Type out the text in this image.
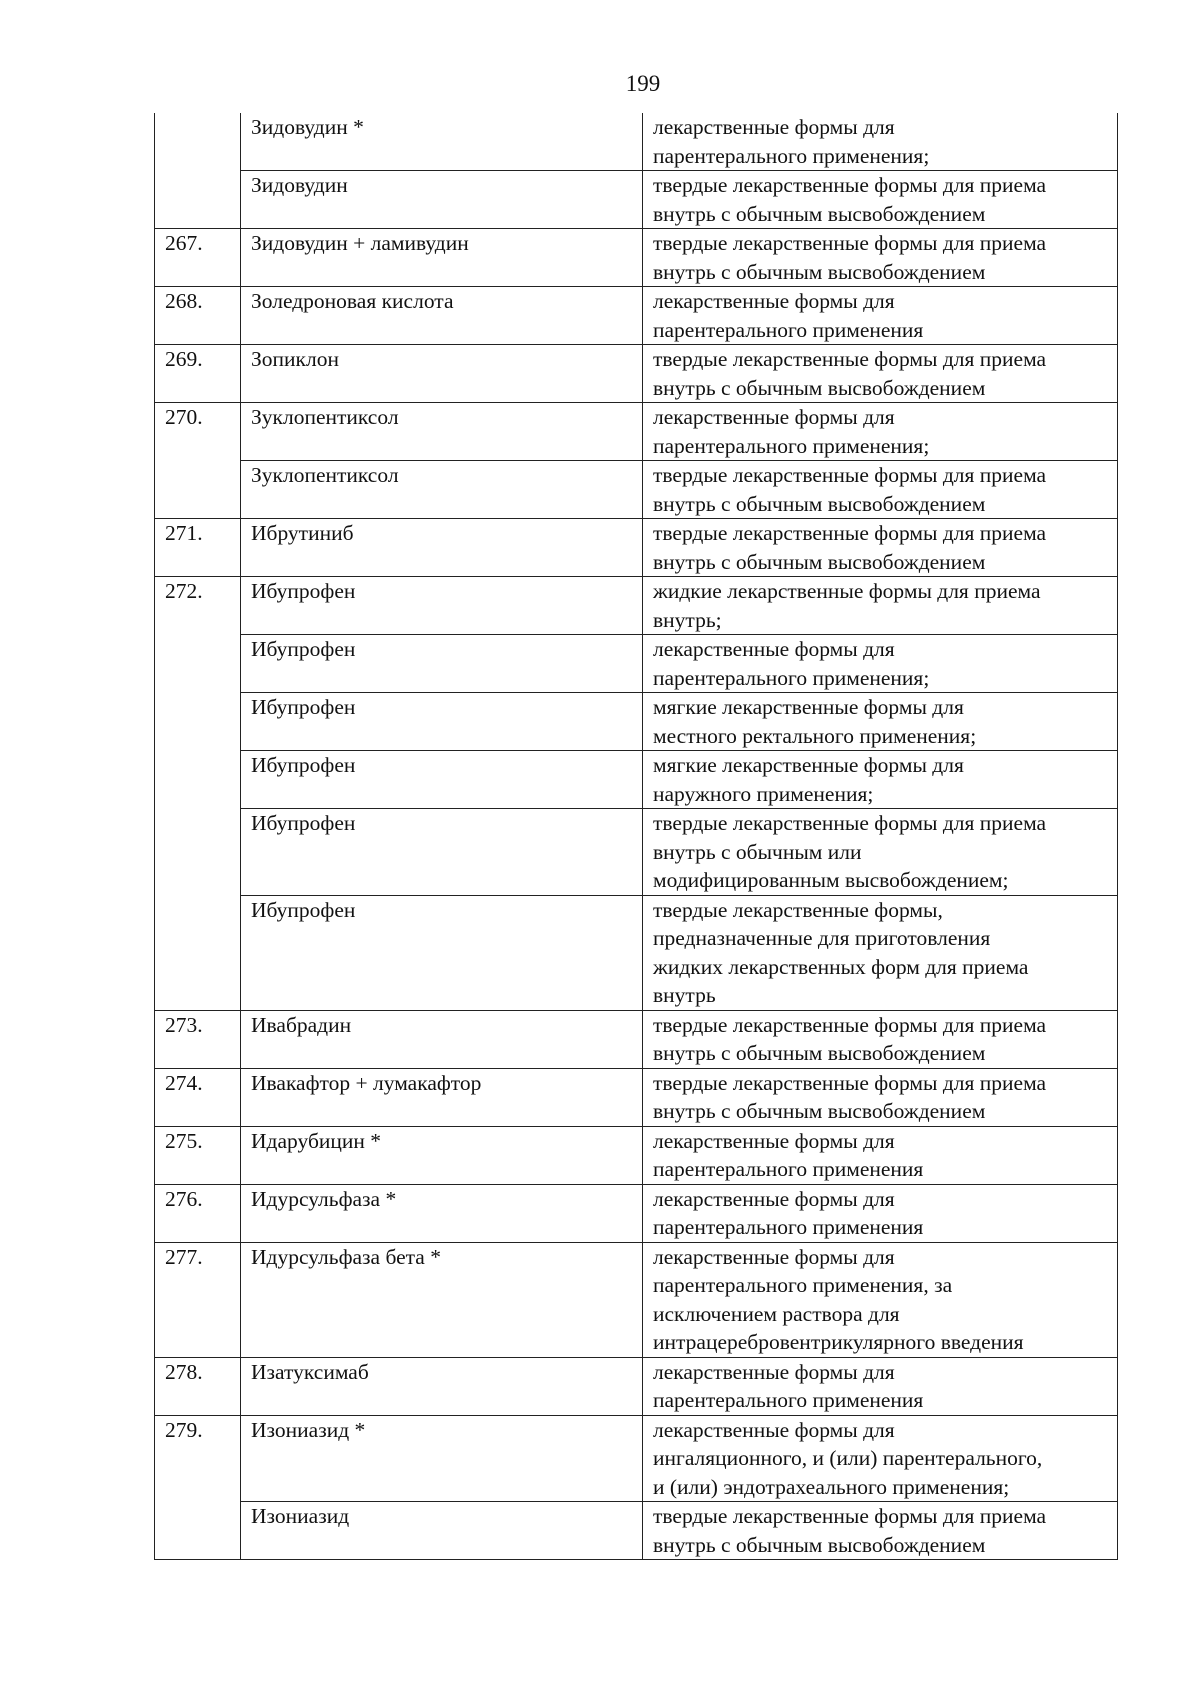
199
	Зидовудин *	лекарственные формы для
парентерального применения;

	Зидовудин	твердые лекарственные формы для приема
внутрь с обычным высвобождением

267.	Зидовудин + ламивудин	твердые лекарственные формы для приема
внутрь с обычным высвобождением

268.	Золедроновая кислота	лекарственные формы для
парентерального применения

269.	Зопиклон	твердые лекарственные формы для приема
внутрь с обычным высвобождением

270.	Зуклопентиксол	лекарственные формы для
парентерального применения;

	Зуклопентиксол	твердые лекарственные формы для приема
внутрь с обычным высвобождением

271.	Ибрутиниб	твердые лекарственные формы для приема
внутрь с обычным высвобождением

272.	Ибупрофен	жидкие лекарственные формы для приема
внутрь;

	Ибупрофен	лекарственные формы для
парентерального применения;

	Ибупрофен	мягкие лекарственные формы для
местного ректального применения;

	Ибупрофен	мягкие лекарственные формы для
наружного применения;

	Ибупрофен	твердые лекарственные формы для приема
внутрь с обычным или
модифицированным высвобождением;

	Ибупрофен	твердые лекарственные формы,
предназначенные для приготовления
жидких лекарственных форм для приема
внутрь

273.	Ивабрадин	твердые лекарственные формы для приема
внутрь с обычным высвобождением

274.	Ивакафтор + лумакафтор	твердые лекарственные формы для приема
внутрь с обычным высвобождением

275.	Идарубицин *	лекарственные формы для
парентерального применения

276.	Идурсульфаза *	лекарственные формы для
парентерального применения

277.	Идурсульфаза бета *	лекарственные формы для
парентерального применения, за
исключением раствора для
интрацеребровентрикулярного введения

278.	Изатуксимаб	лекарственные формы для
парентерального применения

279.	Изониазид *	лекарственные формы для
ингаляционного, и (или) парентерального,
и (или) эндотрахеального применения;

	Изониазид	твердые лекарственные формы для приема
внутрь с обычным высвобождением
